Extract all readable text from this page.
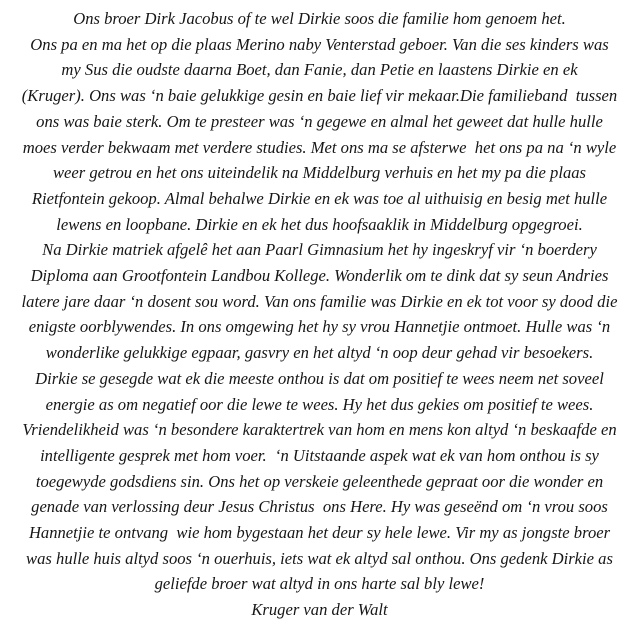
Ons broer Dirk Jacobus of te wel Dirkie soos die familie hom genoem het.
Ons pa en ma het op die plaas Merino naby Venterstad geboer. Van die ses kinders was
my Sus die oudste daarna Boet, dan Fanie, dan Petie en laastens Dirkie en ek
(Kruger). Ons was ‘n baie gelukkige gesin en baie lief vir mekaar.Die familieband  tussen
ons was baie sterk. Om te presteer was ‘n gegewe en almal het geweet dat hulle hulle
moes verder bekwaam met verdere studies. Met ons ma se afsterwe  het ons pa na ‘n wyle
weer getrou en het ons uiteindelik na Middelburg verhuis en het my pa die plaas
Rietfontein gekoop. Almal behalwe Dirkie en ek was toe al uithuisig en besig met hulle
lewens en loopbane. Dirkie en ek het dus hoofsaaklik in Middelburg opgegroei.
Na Dirkie matriek afgelê het aan Paarl Gimnasium het hy ingeskryf vir ‘n boerdery
Diploma aan Grootfontein Landbou Kollege. Wonderlik om te dink dat sy seun Andries
latere jare daar ‘n dosent sou word. Van ons familie was Dirkie en ek tot voor sy dood die
enigste oorblywendes. In ons omgewing het hy sy vrou Hannetjie ontmoet. Hulle was ‘n
wonderlike gelukkige egpaar, gasvry en het altyd ‘n oop deur gehad vir besoekers.
Dirkie se gesegde wat ek die meeste onthou is dat om positief te wees neem net soveel
energie as om negatief oor die lewe te wees. Hy het dus gekies om positief te wees.
Vriendelikheid was ‘n besondere karaktertrek van hom en mens kon altyd ‘n beskaafde en
intelligente gesprek met hom voer.  ‘n Uitstaande aspek wat ek van hom onthou is sy
toegewyde godsdiens sin. Ons het op verskeie geleenthede gepraat oor die wonder en
genade van verlossing deur Jesus Christus  ons Here. Hy was geseënd om ‘n vrou soos
Hannetjie te ontvang  wie hom bygestaan het deur sy hele lewe. Vir my as jongste broer
was hulle huis altyd soos ‘n ouerhuis, iets wat ek altyd sal onthou. Ons gedenk Dirkie as
geliefde broer wat altyd in ons harte sal bly lewe!
Kruger van der Walt
